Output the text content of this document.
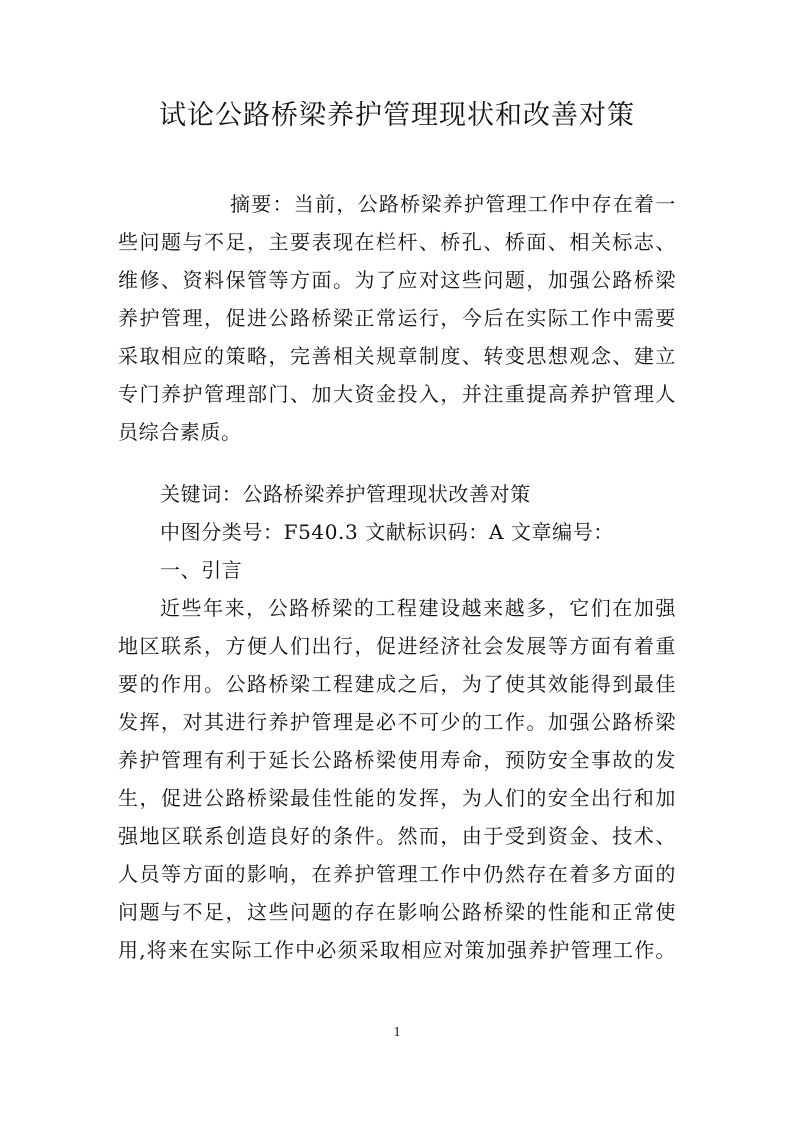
试论公路桥梁养护管理现状和改善对策
摘要：当前，公路桥梁养护管理工作中存在着一
些问题与不足，主要表现在栏杆、桥孔、桥面、相关标志、
维修、资料保管等方面。为了应对这些问题，加强公路桥梁
养护管理，促进公路桥梁正常运行，今后在实际工作中需要
采取相应的策略，完善相关规章制度、转变思想观念、建立
专门养护管理部门、加大资金投入，并注重提高养护管理人
员综合素质。
关键词：公路桥梁养护管理现状改善对策
中图分类号：F540.3 文献标识码：A 文章编号：
一、引言
近些年来，公路桥梁的工程建设越来越多，它们在加强
地区联系，方便人们出行，促进经济社会发展等方面有着重
要的作用。公路桥梁工程建成之后，为了使其效能得到最佳
发挥，对其进行养护管理是必不可少的工作。加强公路桥梁
养护管理有利于延长公路桥梁使用寿命，预防安全事故的发
生，促进公路桥梁最佳性能的发挥，为人们的安全出行和加
强地区联系创造良好的条件。然而，由于受到资金、技术、
人员等方面的影响，在养护管理工作中仍然存在着多方面的
问题与不足，这些问题的存在影响公路桥梁的性能和正常使
用,将来在实际工作中必须采取相应对策加强养护管理工作。
1
